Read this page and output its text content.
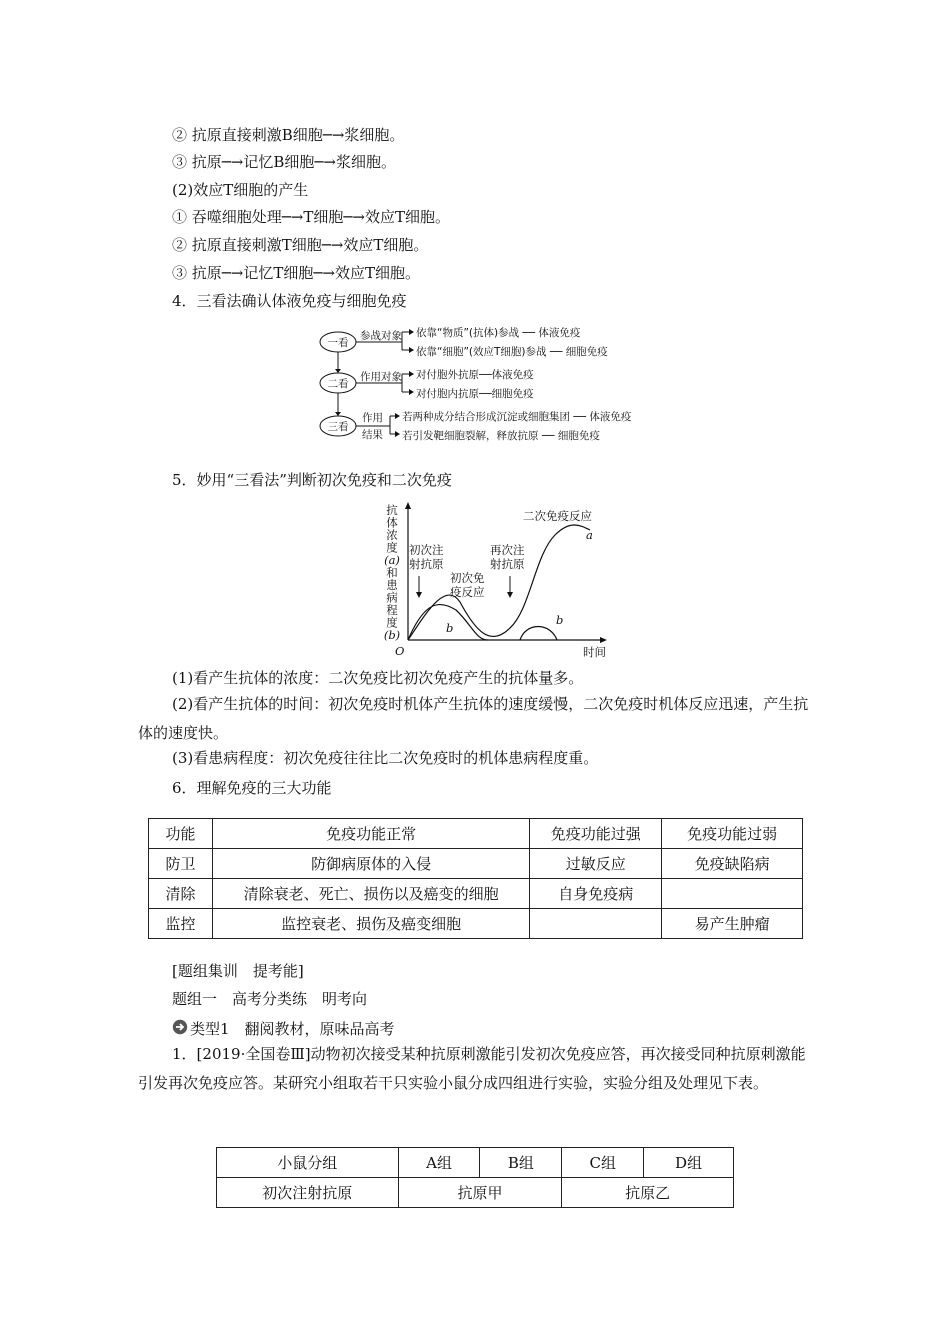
② 抗原直接刺激B细胞─→浆细胞。
③ 抗原─→记忆B细胞─→浆细胞。
(2)效应T细胞的产生
① 吞噬细胞处理─→T细胞─→效应T细胞。
② 抗原直接刺激T细胞─→效应T细胞。
③ 抗原─→记忆T细胞─→效应T细胞。
4．三看法确认体液免疫与细胞免疫
一看
二看
三看
参战对象 依靠“物质”(抗体)参战 ── 体液免疫
依靠“细胞”(效应T细胞)参战 ── 细胞免疫
作用对象 对付胞外抗原──体液免疫
对付胞内抗原──细胞免疫
作用
结果
若两种成分结合形成沉淀或细胞集团 ── 体液免疫
若引发靶细胞裂解，释放抗原 ── 细胞免疫
5．妙用“三看法”判断初次免疫和二次免疫
抗
体
浓
度
(a)
和
患
病
程
度
(b)
O	时间
b
b
a
初次注
射抗原
再次注
射抗原
初次免
疫反应
二次免疫反应
(1)看产生抗体的浓度：二次免疫比初次免疫产生的抗体量多。
(2)看产生抗体的时间：初次免疫时机体产生抗体的速度缓慢，二次免疫时机体反应迅速，产生抗体的速度快。
(3)看患病程度：初次免疫往往比二次免疫时的机体患病程度重。
6．理解免疫的三大功能
功能	免疫功能正常	免疫功能过强	免疫功能过弱
防卫	防御病原体的入侵	过敏反应	免疫缺陷病
清除	清除衰老、死亡、损伤以及癌变的细胞	自身免疫病	
监控	监控衰老、损伤及癌变细胞		易产生肿瘤
[题组集训　提考能]
题组一　高考分类练　明考向
类型1　翻阅教材，原味品高考
1．[2019·全国卷Ⅲ]动物初次接受某种抗原刺激能引发初次免疫应答，再次接受同种抗原刺激能引发再次免疫应答。某研究小组取若干只实验小鼠分成四组进行实验，实验分组及处理见下表。
小鼠分组	A组	B组	C组	D组
初次注射抗原	抗原甲		抗原乙	
